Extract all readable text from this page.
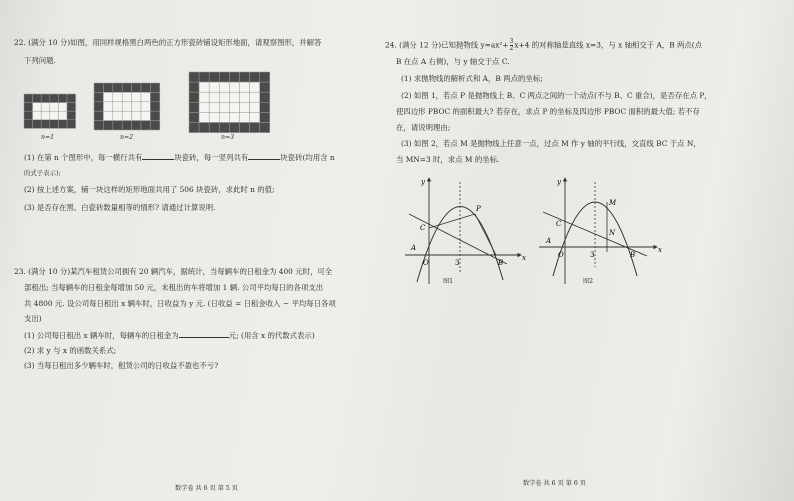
22. (满分 10 分)如图，用同样规格黑白两色的正方形瓷砖铺设矩形地面，请观察图形，并解答
下列问题.
n=1	n=2	n=3
(1) 在第 n 个图形中，每一横行共有	块瓷砖，每一竖列共有	块瓷砖(均用含 n
的式子表示);
(2) 按上述方案，铺一块这样的矩形地面共用了 506 块瓷砖，求此时 n 的值;
(3) 是否存在黑、白瓷砖数量相等的情形? 请通过计算说明.
23. (满分 10 分)某汽车租赁公司拥有 20 辆汽车，据统计，当每辆车的日租金为 400 元时，可全
部租出; 当每辆车的日租金每增加 50 元，未租出的车将增加 1 辆. 公司平均每日的各项支出
共 4800 元. 设公司每日租出 x 辆车时，日收益为 y 元. (日收益 = 日租金收入 − 平均每日各项
支出)
(1) 公司每日租出 x 辆车时，每辆车的日租金为	元; (用含 x 的代数式表示)
(2) 求 y 与 x 的函数关系式;
(3) 当每日租出多少辆车时，租赁公司的日收益不盈也不亏?
数学卷 共 6 页 第 5 页
24. (满分 12 分)已知抛物线 $y=ax^2+ \frac{3}{2} x+4$ 的对称轴是直线 x=3，与 x 轴相交于 A，B 两点(点
B 在点 A 右侧)，与 y 轴交于点 C.
(1) 求抛物线的解析式和 A，B 两点的坐标;
(2) 如图 1，若点 P 是抛物线上 B、C 两点之间的一个动点(不与 B、C 重合)，是否存在点 P，
使四边形 PBOC 的面积最大? 若存在，求点 P 的坐标及四边形 PBOC 面积的最大值; 若不存
在，请说明理由;
(3) 如图 2，若点 M 是抛物线上任意一点，过点 M 作 y 轴的平行线，交直线 BC 于点 N，
当 MN=3 时，求点 M 的坐标.
y
x
C
P
A
O	3	B
图1
y
x
C
M
N
A
O	3	B
图2
数学卷 共 6 页 第 6 页
